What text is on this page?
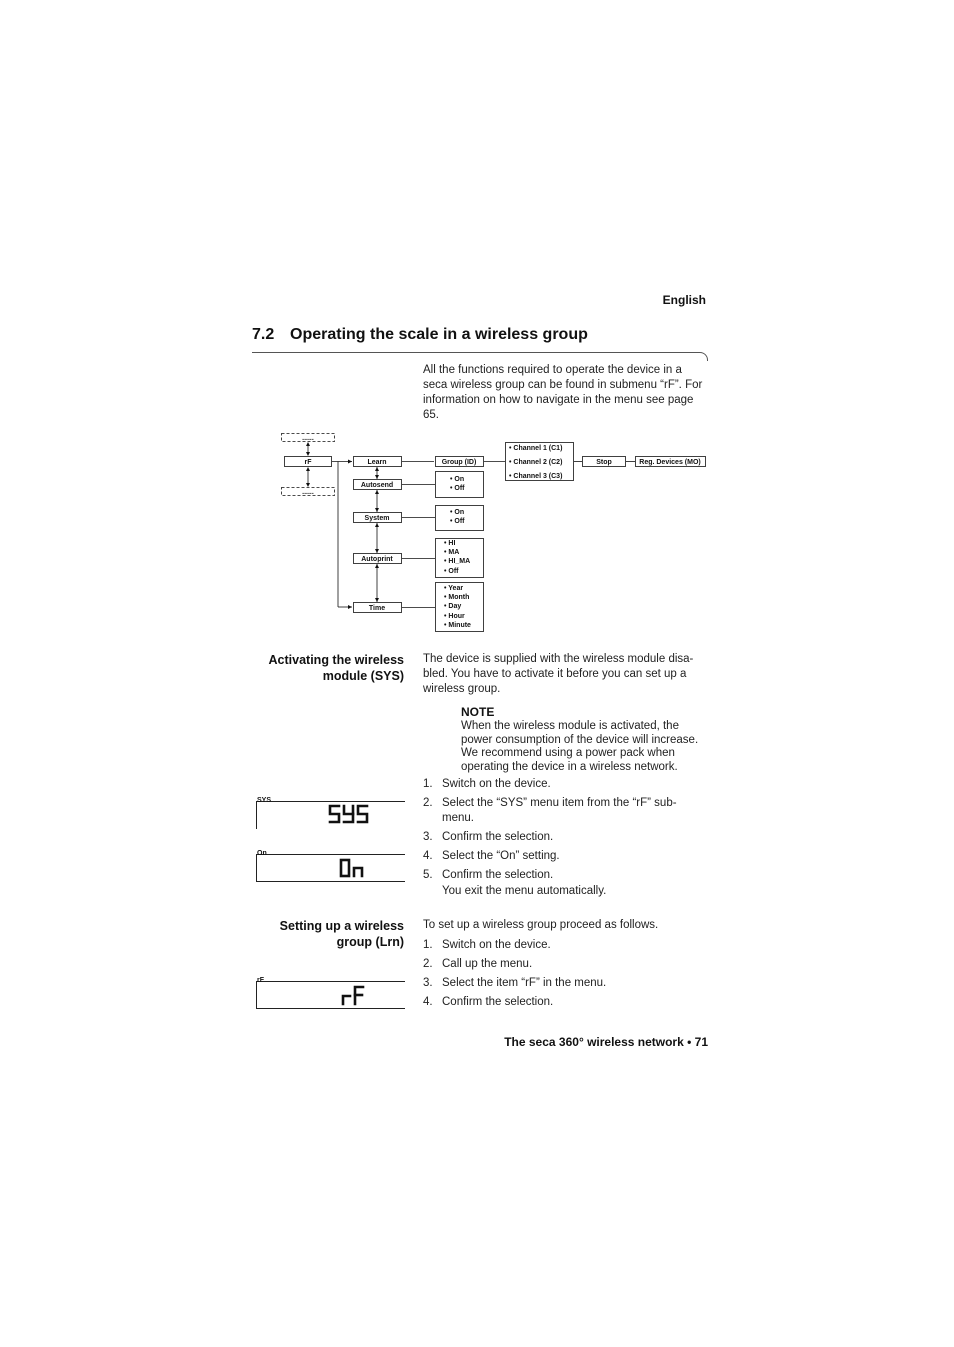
English
7.2 Operating the scale in a wireless group
All the functions required to operate the device in a seca wireless group can be found in submenu “rF”. For information on how to navigate in the menu see page 65.
......
......
rF	Learn
Autosend
System
Autoprint
Time
Group (ID)
• Channel 1 (C1)
• Channel 2 (C2)
• Channel 3 (C3)
Stop	Reg. Devices (MO)
• On
• Off
• On
• Off
• HI
• MA
• HI_MA
• Off
• Year
• Month
• Day
• Hour
• Minute
Activating the wireless
module (SYS)
The device is supplied with the wireless module disa-bled. You have to activate it before you can set up a wireless group.
NOTE
When the wireless module is activated, the power consumption of the device will increase. We recommend using a power pack when operating the device in a wireless network.
1. Switch on the device.
2. Select the “SYS” menu item from the “rF” sub-menu.
3. Confirm the selection.
4. Select the “On” setting.
5. Confirm the selection.
You exit the menu automatically.
SYS
On
Setting up a wireless
group (Lrn)
To set up a wireless group proceed as follows.
1. Switch on the device.
2. Call up the menu.
3. Select the item “rF” in the menu.
4. Confirm the selection.
rF
The seca 360° wireless network • 71
